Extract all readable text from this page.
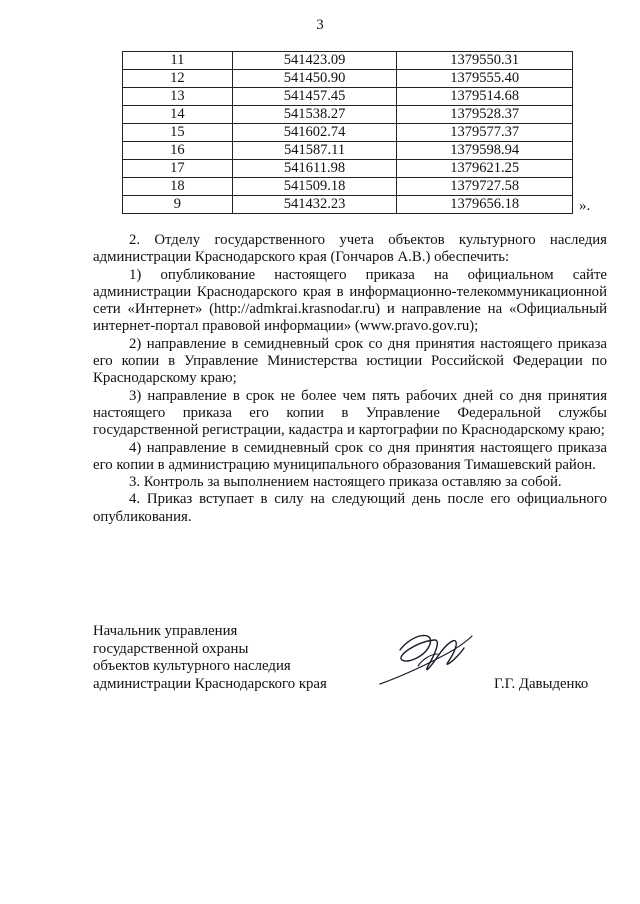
3
11	541423.09	1379550.31
12	541450.90	1379555.40
13	541457.45	1379514.68
14	541538.27	1379528.37
15	541602.74	1379577.37
16	541587.11	1379598.94
17	541611.98	1379621.25
18	541509.18	1379727.58
9	541432.23	1379656.18	».

2. Отделу государственного учета объектов культурного наследия администрации Краснодарского края (Гончаров А.В.) обеспечить:

1) опубликование настоящего приказа на официальном сайте администрации Краснодарского края в информационно-телекоммуникационной сети «Интернет» (http://admkrai.krasnodar.ru) и направление на «Официальный интернет-портал правовой информации» (www.pravo.gov.ru);

2) направление в семидневный срок со дня принятия настоящего приказа его копии в Управление Министерства юстиции Российской Федерации по Краснодарскому краю;

3) направление в срок не более чем пять рабочих дней со дня принятия настоящего приказа его копии в Управление Федеральной службы государственной регистрации, кадастра и картографии по Краснодарскому краю;

4) направление в семидневный срок со дня принятия настоящего приказа его копии в администрацию муниципального образования Тимашевский район.

3. Контроль за выполнением настоящего приказа оставляю за собой.

4. Приказ вступает в силу на следующий день после его официального опубликования.

Начальник управления
государственной охраны
объектов культурного наследия
администрации Краснодарского края	Г.Г. Давыденко
